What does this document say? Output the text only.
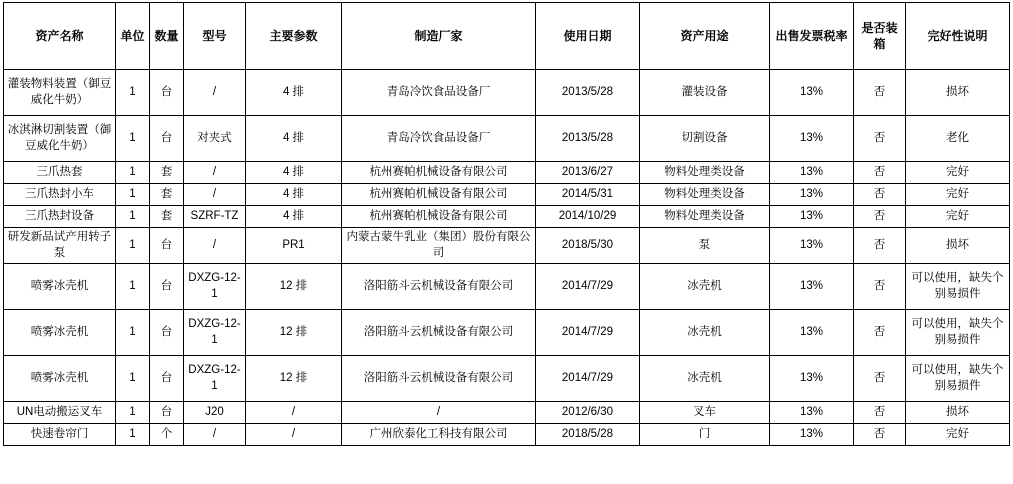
资产名称	单位	数量	型号	主要参数	制造厂家	使用日期	资产用途	出售发票税率	是否装箱	完好性说明
灌装物料装置（御豆威化牛奶）	1	台	/	4 排	青岛冷饮食品设备厂	2013/5/28	灌装设备	13%	否	损坏
冰淇淋切割装置（御豆威化牛奶）	1	台	对夹式	4 排	青岛冷饮食品设备厂	2013/5/28	切割设备	13%	否	老化
三爪热套	1	套	/	4 排	杭州赛帕机械设备有限公司	2013/6/27	物料处理类设备	13%	否	完好
三爪热封小车	1	套	/	4 排	杭州赛帕机械设备有限公司	2014/5/31	物料处理类设备	13%	否	完好
三爪热封设备	1	套	SZRF-TZ	4 排	杭州赛帕机械设备有限公司	2014/10/29	物料处理类设备	13%	否	完好
研发新品试产用转子泵	1	台	/	PR1	内蒙古蒙牛乳业（集团）股份有限公司	2018/5/30	泵	13%	否	损坏
喷雾冰壳机	1	台	DXZG-12-1	12 排	洛阳筋斗云机械设备有限公司	2014/7/29	冰壳机	13%	否	可以使用，缺失个别易损件
喷雾冰壳机	1	台	DXZG-12-1	12 排	洛阳筋斗云机械设备有限公司	2014/7/29	冰壳机	13%	否	可以使用，缺失个别易损件
喷雾冰壳机	1	台	DXZG-12-1	12 排	洛阳筋斗云机械设备有限公司	2014/7/29	冰壳机	13%	否	可以使用，缺失个别易损件
UN电动搬运叉车	1	台	J20	/	/	2012/6/30	叉车	13%	否	损坏
快速卷帘门	1	个	/	/	广州欣泰化工科技有限公司	2018/5/28	门	13%	否	完好
